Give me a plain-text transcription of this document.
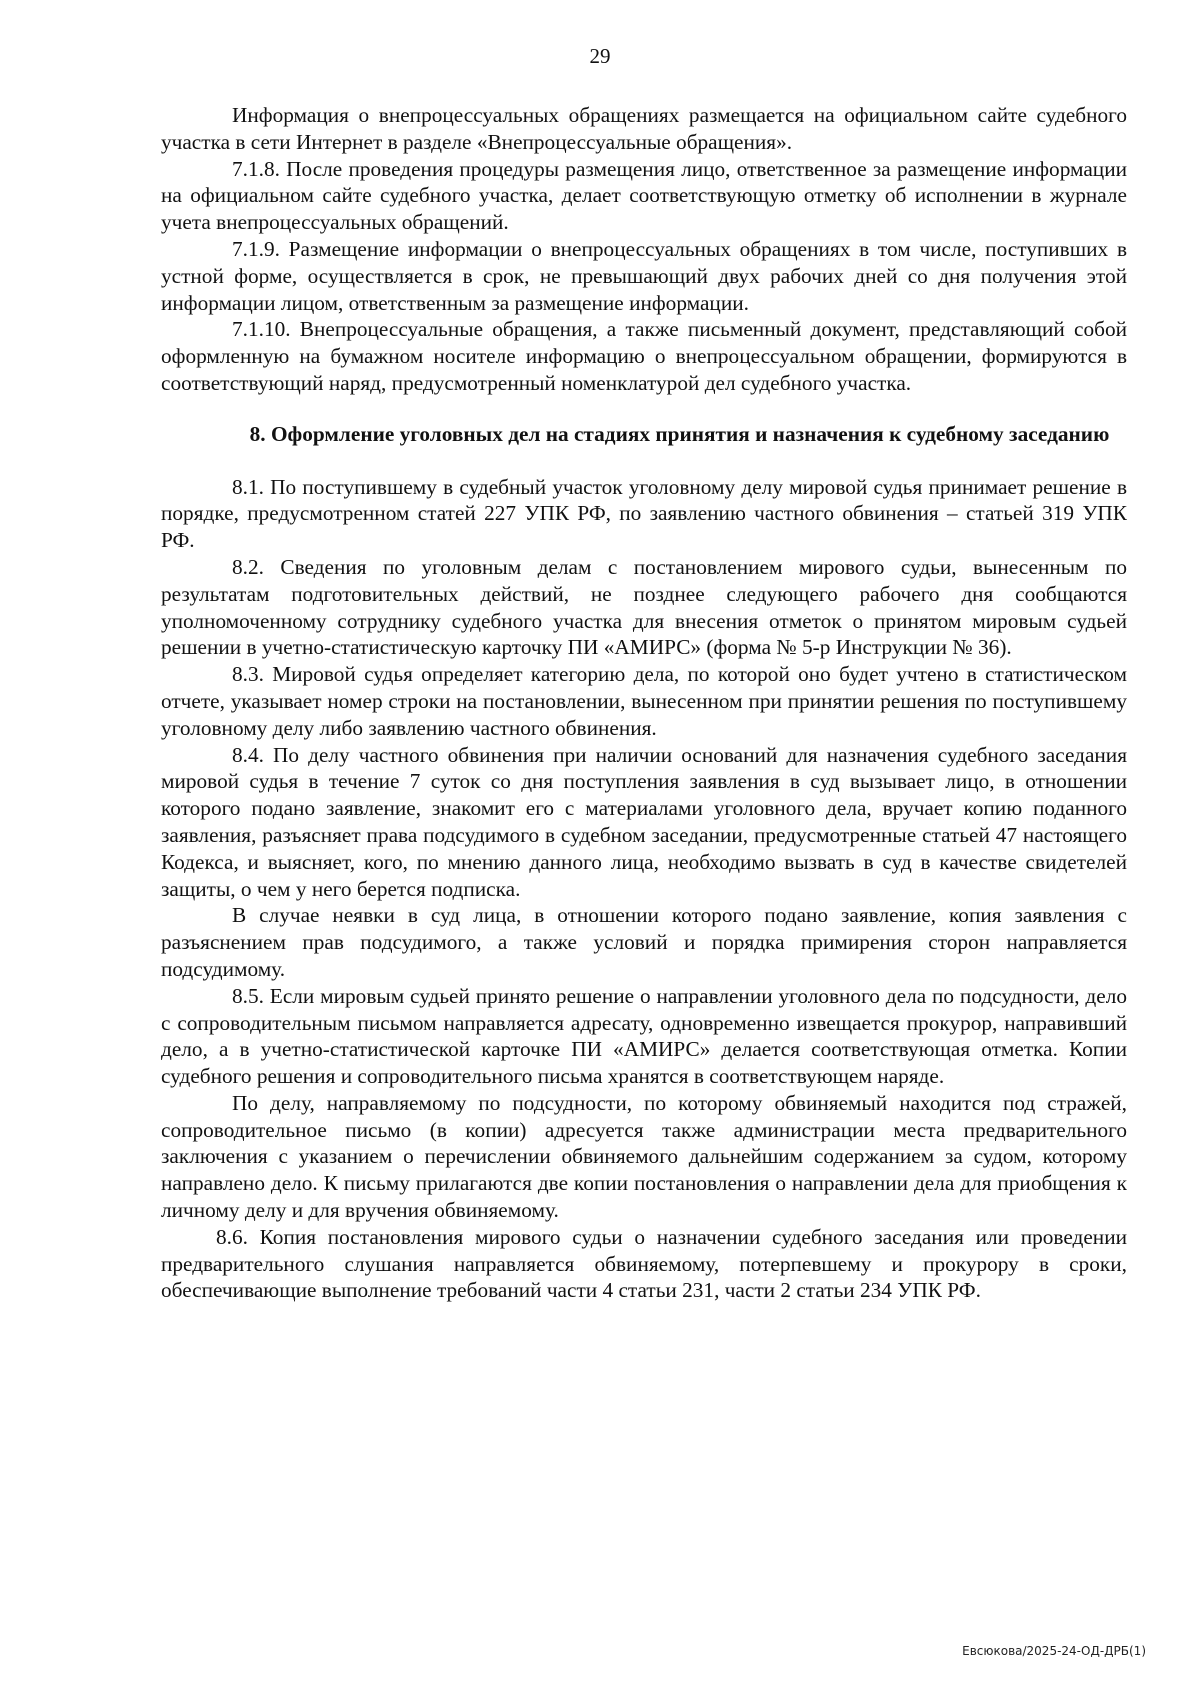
29

Информация о внепроцессуальных обращениях размещается на официальном сайте судебного участка в сети Интернет в разделе «Внепроцессуальные обращения».

7.1.8. После проведения процедуры размещения лицо, ответственное за размещение информации на официальном сайте судебного участка, делает соответствующую отметку об исполнении в журнале учета внепроцессуальных обращений.

7.1.9. Размещение информации о внепроцессуальных обращениях в том числе, поступивших в устной форме, осуществляется в срок, не превышающий двух рабочих дней со дня получения этой информации лицом, ответственным за размещение информации.

7.1.10. Внепроцессуальные обращения, а также письменный документ, представляющий собой оформленную на бумажном носителе информацию о внепроцессуальном обращении, формируются в соответствующий наряд, предусмотренный номенклатурой дел судебного участка.

8. Оформление уголовных дел на стадиях принятия и назначения к судебному заседанию

8.1. По поступившему в судебный участок уголовному делу мировой судья принимает решение в порядке, предусмотренном статей 227 УПК РФ, по заявлению частного обвинения – статьей 319 УПК РФ.

8.2. Сведения по уголовным делам с постановлением мирового судьи, вынесенным по результатам подготовительных действий, не позднее следующего рабочего дня сообщаются уполномоченному сотруднику судебного участка для внесения отметок о принятом мировым судьей решении в учетно-статистическую карточку ПИ «АМИРС» (форма № 5-р Инструкции № 36).

8.3. Мировой судья определяет категорию дела, по которой оно будет учтено в статистическом отчете, указывает номер строки на постановлении, вынесенном при принятии решения по поступившему уголовному делу либо заявлению частного обвинения.

8.4. По делу частного обвинения при наличии оснований для назначения судебного заседания мировой судья в течение 7 суток со дня поступления заявления в суд вызывает лицо, в отношении которого подано заявление, знакомит его с материалами уголовного дела, вручает копию поданного заявления, разъясняет права подсудимого в судебном заседании, предусмотренные статьей 47 настоящего Кодекса, и выясняет, кого, по мнению данного лица, необходимо вызвать в суд в качестве свидетелей защиты, о чем у него берется подписка.

В случае неявки в суд лица, в отношении которого подано заявление, копия заявления с разъяснением прав подсудимого, а также условий и порядка примирения сторон направляется подсудимому.

8.5. Если мировым судьей принято решение о направлении уголовного дела по подсудности, дело с сопроводительным письмом направляется адресату, одновременно извещается прокурор, направивший дело, а в учетно-статистической карточке ПИ «АМИРС» делается соответствующая отметка. Копии судебного решения и сопроводительного письма хранятся в соответствующем наряде.

По делу, направляемому по подсудности, по которому обвиняемый находится под стражей, сопроводительное письмо (в копии) адресуется также администрации места предварительного заключения с указанием о перечислении обвиняемого дальнейшим содержанием за судом, которому направлено дело. К письму прилагаются две копии постановления о направлении дела для приобщения к личному делу и для вручения обвиняемому.

8.6. Копия постановления мирового судьи о назначении судебного заседания или проведении предварительного слушания направляется обвиняемому, потерпевшему и прокурору в сроки, обеспечивающие выполнение требований части 4 статьи 231, части 2 статьи 234 УПК РФ.

Евсюкова/2025-24-ОД-ДРБ(1)
